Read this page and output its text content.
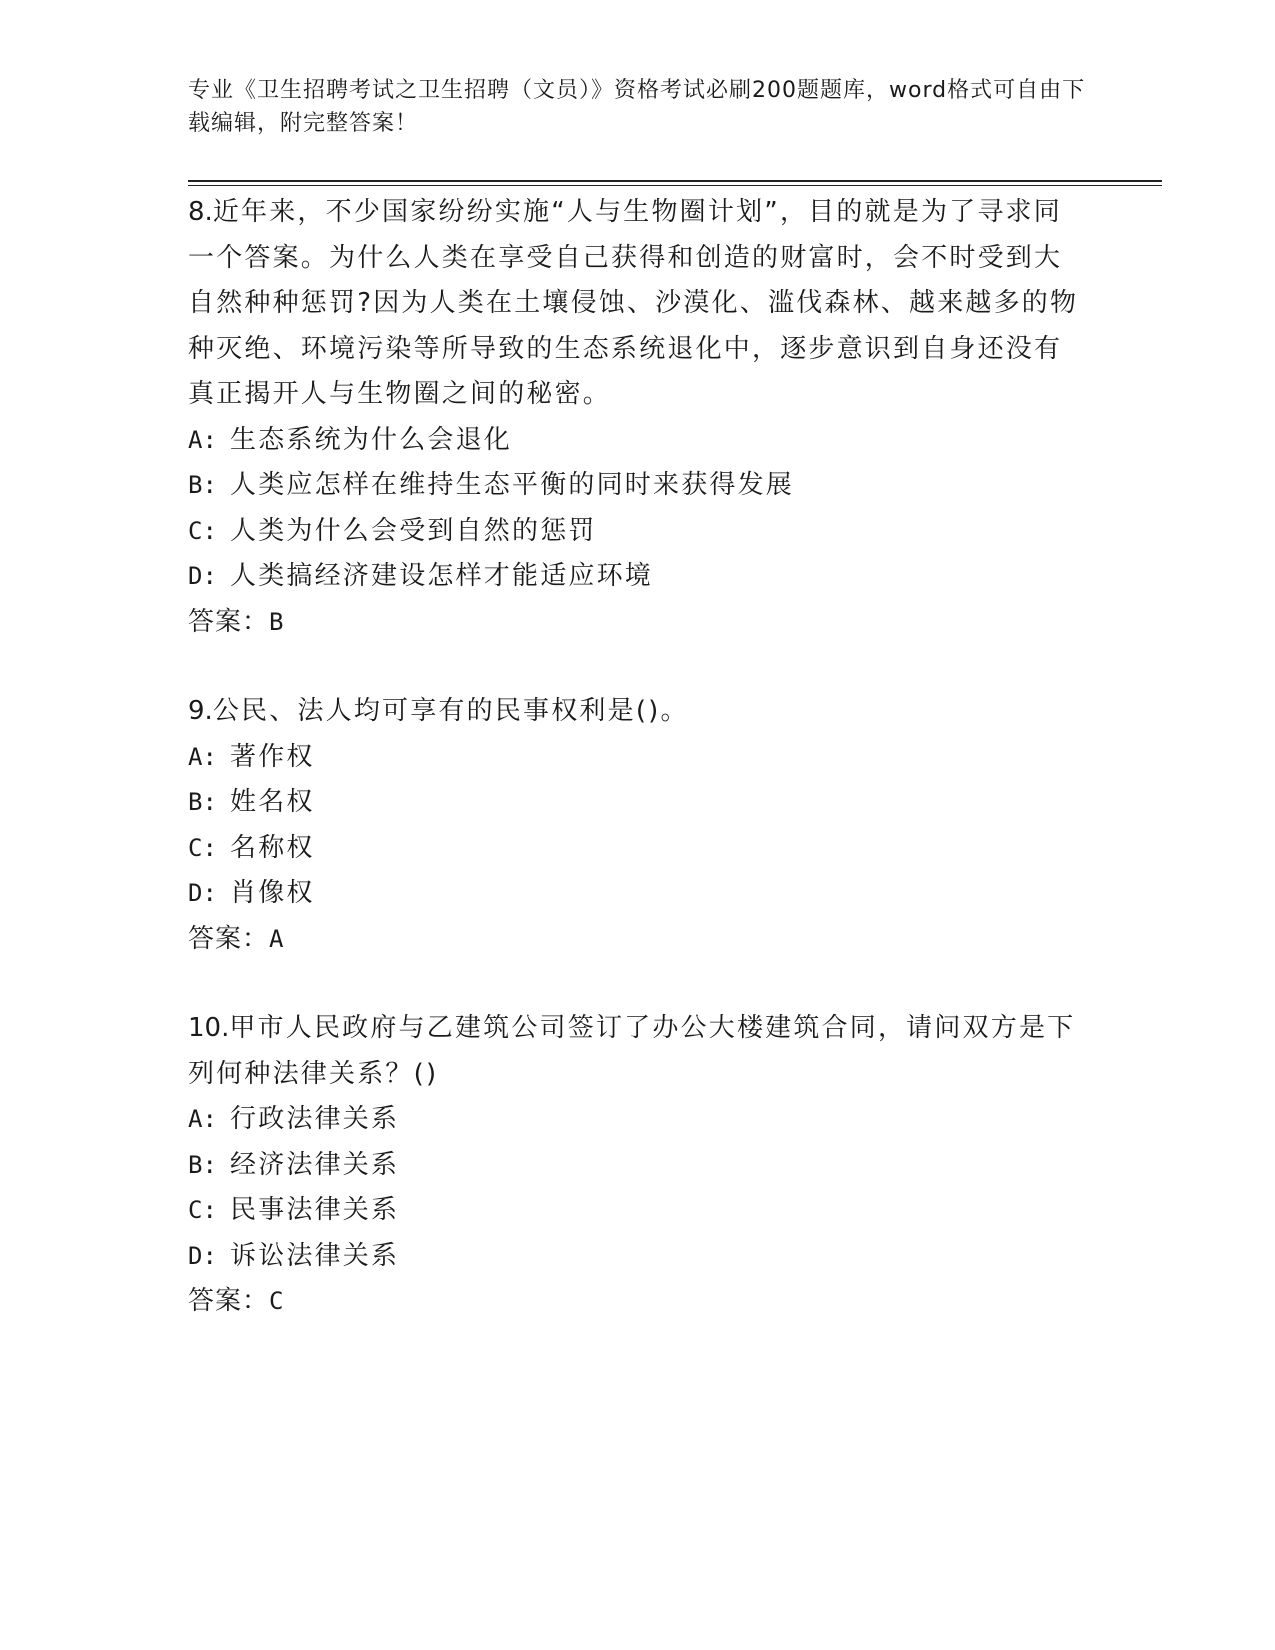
专业《卫生招聘考试之卫生招聘（文员）》资格考试必刷200题题库，word格式可自由下载编辑，附完整答案！
8.近年来，不少国家纷纷实施“人与生物圈计划”，目的就是为了寻求同一个答案。为什么人类在享受自己获得和创造的财富时，会不时受到大自然种种惩罚?因为人类在土壤侵蚀、沙漠化、滥伐森林、越来越多的物种灭绝、环境污染等所导致的生态系统退化中，逐步意识到自身还没有真正揭开人与生物圈之间的秘密。
A: 生态系统为什么会退化
B: 人类应怎样在维持生态平衡的同时来获得发展
C: 人类为什么会受到自然的惩罚
D: 人类搞经济建设怎样才能适应环境
答案：B
9.公民、法人均可享有的民事权利是()。
A: 著作权
B: 姓名权
C: 名称权
D: 肖像权
答案：A
10.甲市人民政府与乙建筑公司签订了办公大楼建筑合同，请问双方是下列何种法律关系？()
A: 行政法律关系
B: 经济法律关系
C: 民事法律关系
D: 诉讼法律关系
答案：C
